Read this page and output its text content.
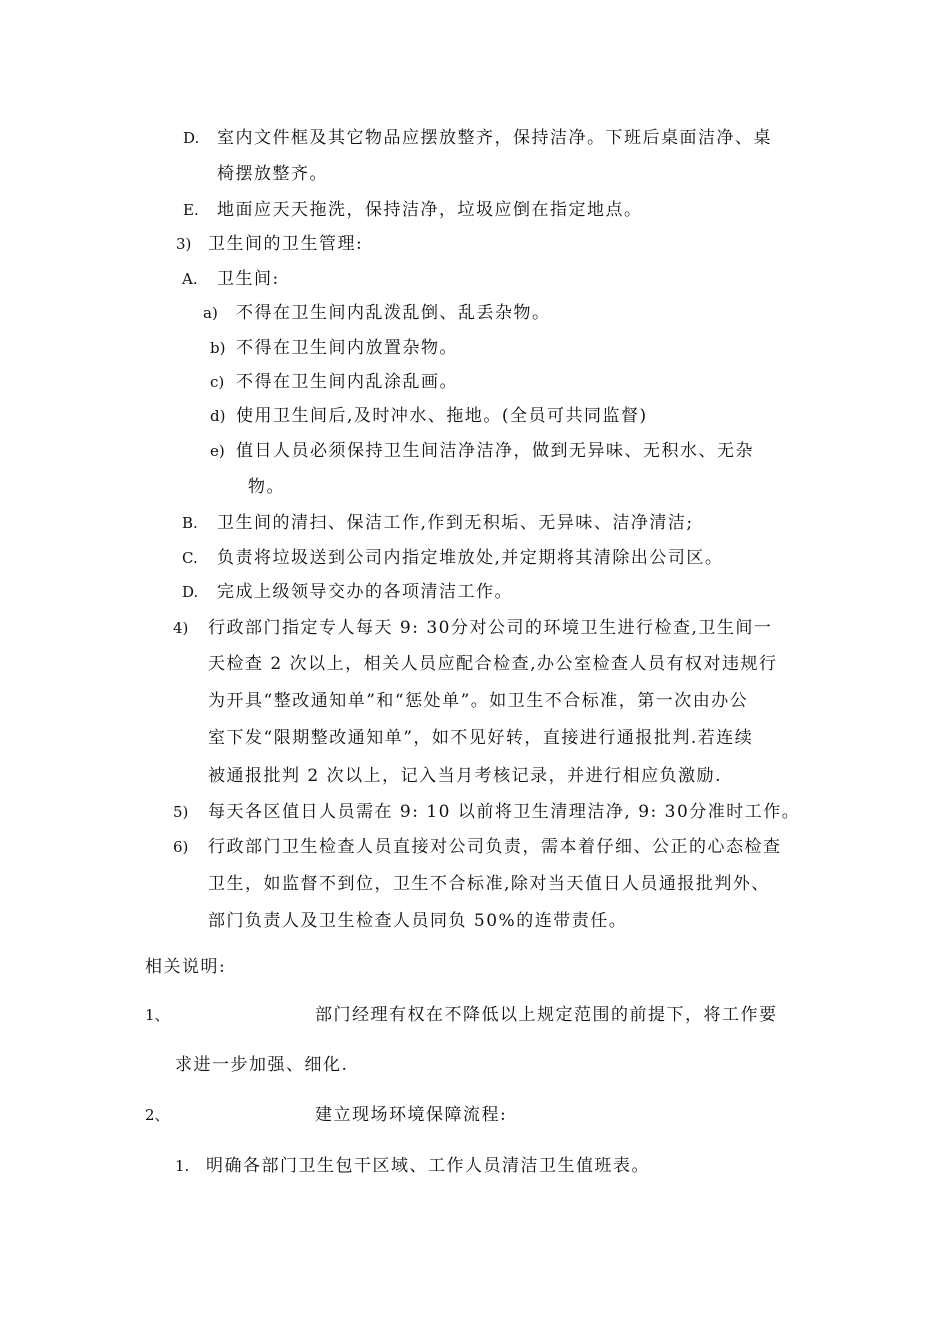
D. 室内文件框及其它物品应摆放整齐，保持洁净。下班后桌面洁净、桌
椅摆放整齐。
E. 地面应天天拖洗，保持洁净，垃圾应倒在指定地点。
3) 卫生间的卫生管理:
A. 卫生间:
a) 不得在卫生间内乱泼乱倒、乱丢杂物。
b) 不得在卫生间内放置杂物。
c) 不得在卫生间内乱涂乱画。
d) 使用卫生间后,及时冲水、拖地。(全员可共同监督)
e) 值日人员必须保持卫生间洁净洁净，做到无异味、无积水、无杂
物。
B. 卫生间的清扫、保洁工作,作到无积垢、无异味、洁净清洁;
C. 负责将垃圾送到公司内指定堆放处,并定期将其清除出公司区。
D. 完成上级领导交办的各项清洁工作。
4) 行政部门指定专人每天 9: 30分对公司的环境卫生进行检查,卫生间一
天检查 2 次以上，相关人员应配合检查,办公室检查人员有权对违规行
为开具“整改通知单”和“惩处单”。如卫生不合标准，第一次由办公
室下发“限期整改通知单”，如不见好转，直接进行通报批判.若连续
被通报批判 2 次以上，记入当月考核记录，并进行相应负激励.
5) 每天各区值日人员需在 9: 10 以前将卫生清理洁净, 9: 30分准时工作。
6) 行政部门卫生检查人员直接对公司负责，需本着仔细、公正的心态检查
卫生，如监督不到位，卫生不合标准,除对当天值日人员通报批判外、
部门负责人及卫生检查人员同负 50%的连带责任。
相关说明:
1、	部门经理有权在不降低以上规定范围的前提下，将工作要
求进一步加强、细化.
2、	建立现场环境保障流程:
1. 明确各部门卫生包干区域、工作人员清洁卫生值班表。
